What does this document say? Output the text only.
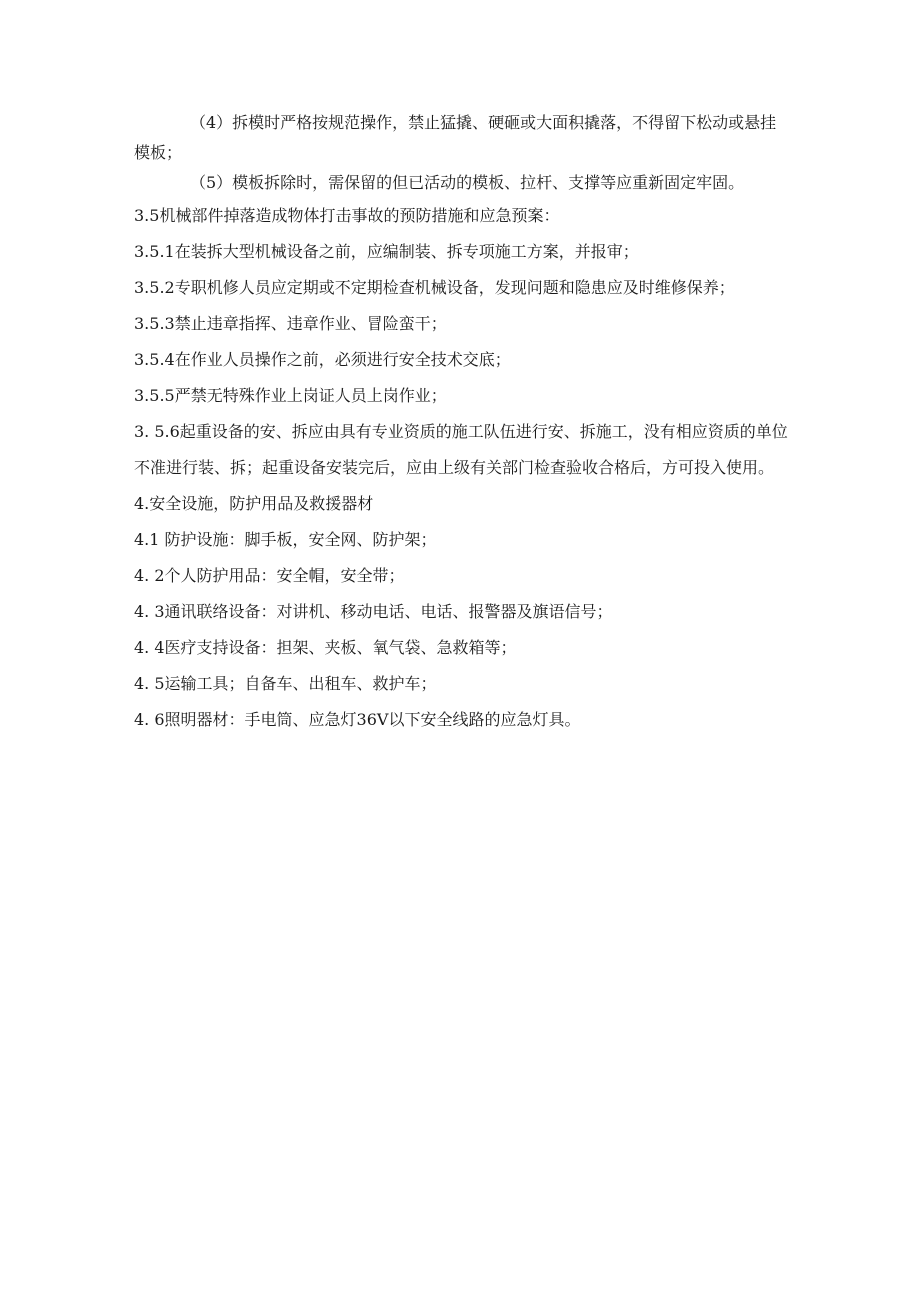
（4）拆模时严格按规范操作，禁止猛撬、硬砸或大面积撬落，不得留下松动或悬挂模板；

（5）模板拆除时，需保留的但已活动的模板、拉杆、支撑等应重新固定牢固。

3.5机械部件掉落造成物体打击事故的预防措施和应急预案：

3.5.1在装拆大型机械设备之前，应编制装、拆专项施工方案，并报审；

3.5.2专职机修人员应定期或不定期检查机械设备，发现问题和隐患应及时维修保养；

3.5.3禁止违章指挥、违章作业、冒险蛮干；

3.5.4在作业人员操作之前，必须进行安全技术交底；

3.5.5严禁无特殊作业上岗证人员上岗作业；

3. 5.6起重设备的安、拆应由具有专业资质的施工队伍进行安、拆施工，没有相应资质的单位不准进行装、拆；起重设备安装完后，应由上级有关部门检查验收合格后，方可投入使用。

4.安全设施，防护用品及救援器材

4.1 防护设施：脚手板，安全网、防护架；

4. 2个人防护用品：安全帽，安全带；

4. 3通讯联络设备：对讲机、移动电话、电话、报警器及旗语信号；

4. 4医疗支持设备：担架、夹板、氧气袋、急救箱等；

4. 5运输工具；自备车、出租车、救护车；

4. 6照明器材：手电筒、应急灯36V以下安全线路的应急灯具。
